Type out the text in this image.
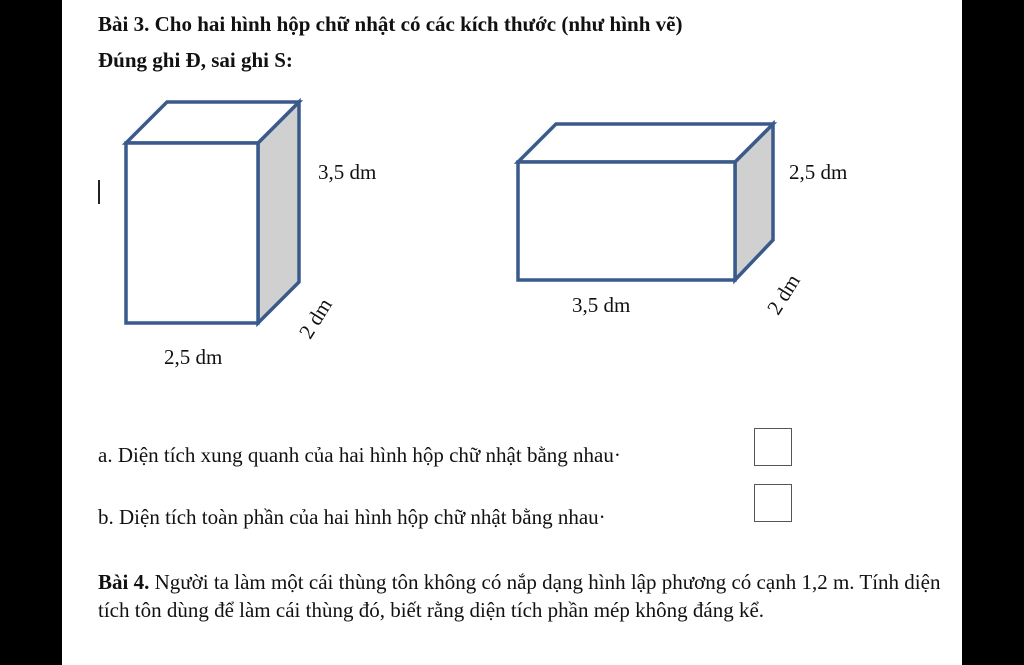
Bài 3. Cho hai hình hộp chữ nhật có các kích thước (như hình vẽ)
Đúng ghi Đ, sai ghi S:
3,5 dm
2 dm
2,5 dm
2,5 dm
2 dm
3,5 dm
a. Diện tích xung quanh của hai hình hộp chữ nhật bằng nhau·
b. Diện tích toàn phần của hai hình hộp chữ nhật bằng nhau·
Bài 4. Người ta làm một cái thùng tôn không có nắp dạng hình lập phương có cạnh 1,2 m. Tính diện tích tôn dùng để làm cái thùng đó, biết rằng diện tích phần mép không đáng kể.
